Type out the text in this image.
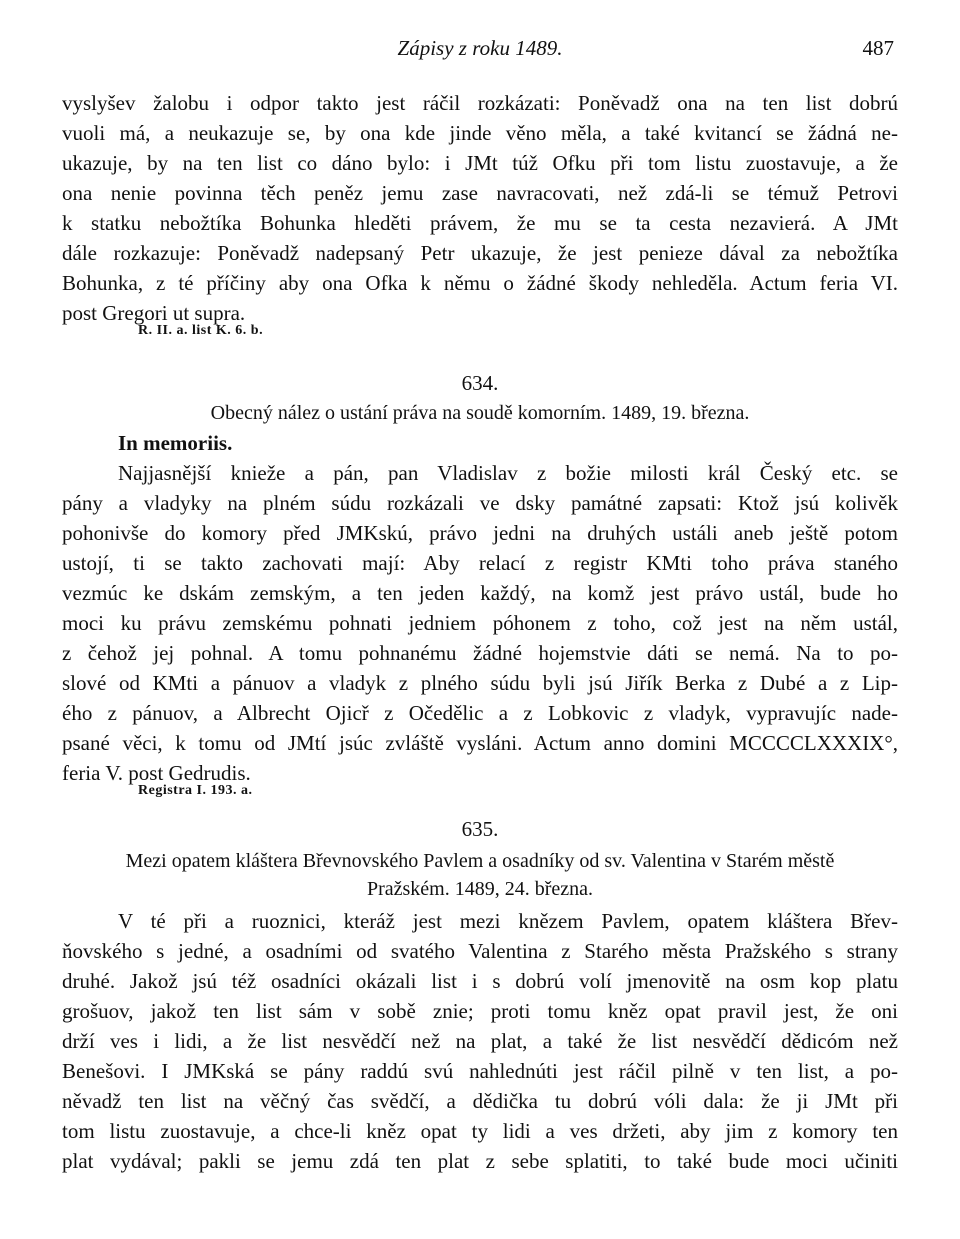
Zápisy z roku 1489.	487
vyslyšev žalobu i odpor takto jest ráčil rozkázati: Poněvadž ona na ten list dobrú
vuoli má, a neukazuje se, by ona kde jinde věno měla, a také kvitancí se žádná ne-
ukazuje, by na ten list co dáno bylo: i JMt túž Ofku při tom listu zuostavuje, a že
ona nenie povinna těch peněz jemu zase navracovati, než zdá-li se témuž Petrovi
k statku nebožtíka Bohunka hleděti právem, že mu se ta cesta nezavierá. A JMt
dále rozkazuje: Poněvadž nadepsaný Petr ukazuje, že jest penieze dával za nebožtíka
Bohunka, z té příčiny aby ona Ofka k němu o žádné škody nehleděla. Actum feria VI.
post Gregori ut supra.
R. II. a. list K. 6. b.
634.
Obecný nález o ustání práva na soudě komorním. 1489, 19. března.
In memoriis.
Najjasnější knieže a pán, pan Vladislav z božie milosti král Český etc. se
pány a vladyky na plném súdu rozkázali ve dsky památné zapsati: Ktož jsú kolivěk
pohonivše do komory před JMKskú, právo jedni na druhých ustáli aneb ještě potom
ustojí, ti se takto zachovati mají: Aby relací z registr KMti toho práva staného
vezmúc ke dskám zemským, a ten jeden každý, na komž jest právo ustál, bude ho
moci ku právu zemskému pohnati jedniem póhonem z toho, což jest na něm ustál,
z čehož jej pohnal. A tomu pohnanému žádné hojemstvie dáti se nemá. Na to po-
slové od KMti a pánuov a vladyk z plného súdu byli jsú Jiřík Berka z Dubé a z Lip-
ého z pánuov, a Albrecht Ojicř z Očedělic a z Lobkovic z vladyk, vypravujíc nade-
psané věci, k tomu od JMtí jsúc zvláště vysláni. Actum anno domini MCCCCLXXXIX°,
feria V. post Gedrudis.
Registra I. 193. a.
635.
Mezi opatem kláštera Břevnovského Pavlem a osadníky od sv. Valentina v Starém městě
Pražském. 1489, 24. března.
V té při a ruoznici, kteráž jest mezi knězem Pavlem, opatem kláštera Břev-
ňovského s jedné, a osadními od svatého Valentina z Starého města Pražského s strany
druhé. Jakož jsú též osadníci okázali list i s dobrú volí jmenovitě na osm kop platu
grošuov, jakož ten list sám v sobě znie; proti tomu kněz opat pravil jest, že oni
drží ves i lidi, a že list nesvědčí než na plat, a také že list nesvědčí dědicóm než
Benešovi. I JMKská se pány raddú svú nahlednúti jest ráčil pilně v ten list, a po-
něvadž ten list na věčný čas svědčí, a dědička tu dobrú vóli dala: že ji JMt při
tom listu zuostavuje, a chce-li kněz opat ty lidi a ves držeti, aby jim z komory ten
plat vydával; pakli se jemu zdá ten plat z sebe splatiti, to také bude moci učiniti
